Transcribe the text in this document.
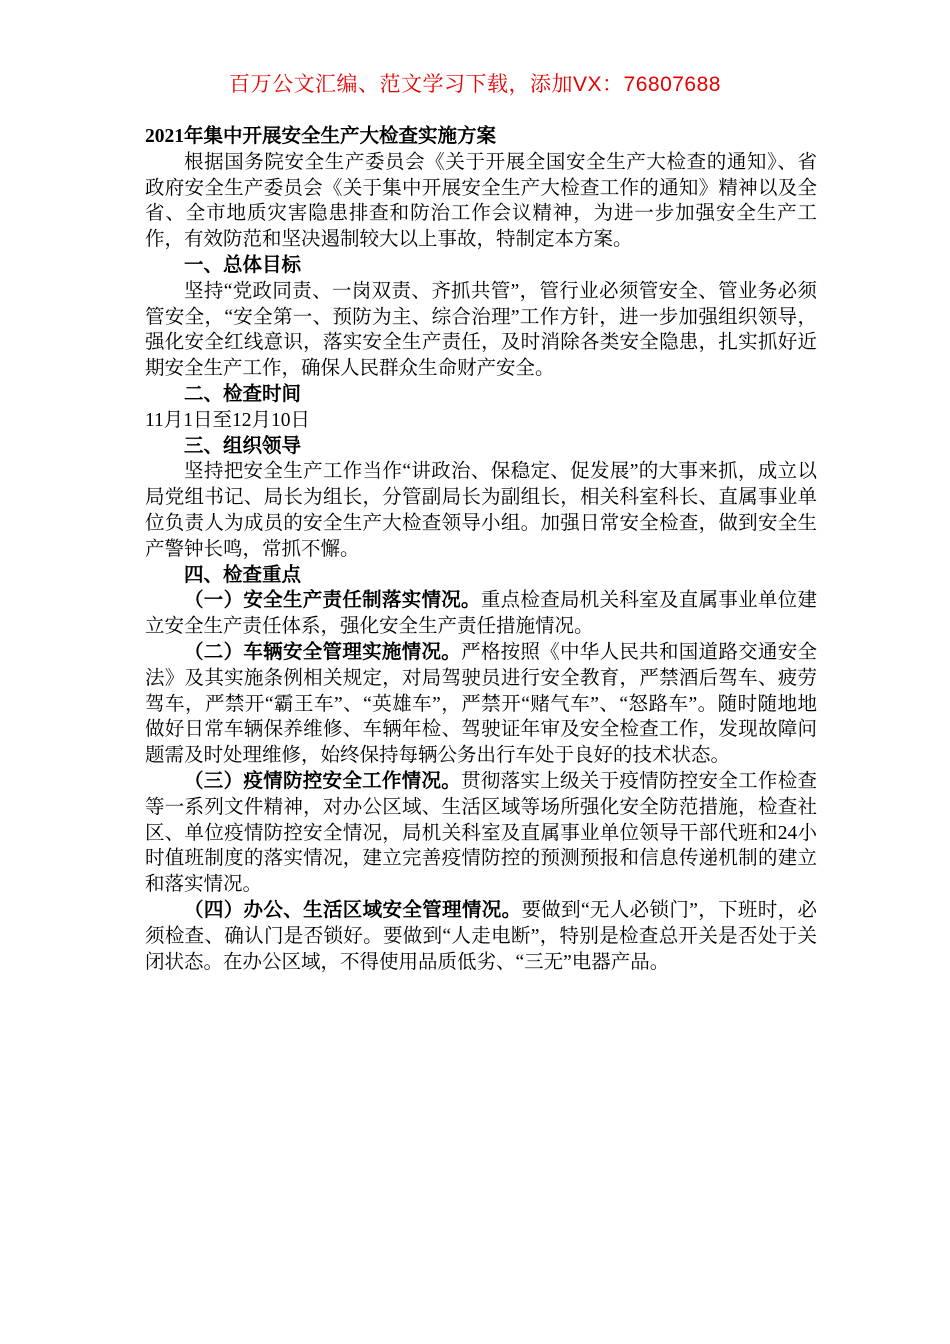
百万公文汇编、范文学习下载，添加VX：76807688

2021年集中开展安全生产大检查实施方案

根据国务院安全生产委员会《关于开展全国安全生产大检查的通知》、省政府安全生产委员会《关于集中开展安全生产大检查工作的通知》精神以及全省、全市地质灾害隐患排查和防治工作会议精神，为进一步加强安全生产工作，有效防范和坚决遏制较大以上事故，特制定本方案。

一、总体目标

坚持“党政同责、一岗双责、齐抓共管”，管行业必须管安全、管业务必须管安全，“安全第一、预防为主、综合治理”工作方针，进一步加强组织领导，强化安全红线意识，落实安全生产责任，及时消除各类安全隐患，扎实抓好近期安全生产工作，确保人民群众生命财产安全。

二、检查时间

11月1日至12月10日

三、组织领导

坚持把安全生产工作当作“讲政治、保稳定、促发展”的大事来抓，成立以局党组书记、局长为组长，分管副局长为副组长，相关科室科长、直属事业单位负责人为成员的安全生产大检查领导小组。加强日常安全检查，做到安全生产警钟长鸣，常抓不懈。

四、检查重点

（一）安全生产责任制落实情况。重点检查局机关科室及直属事业单位建立安全生产责任体系，强化安全生产责任措施情况。

（二）车辆安全管理实施情况。严格按照《中华人民共和国道路交通安全法》及其实施条例相关规定，对局驾驶员进行安全教育，严禁酒后驾车、疲劳驾车，严禁开“霸王车”、“英雄车”，严禁开“赌气车”、“怒路车”。随时随地地做好日常车辆保养维修、车辆年检、驾驶证年审及安全检查工作，发现故障问题需及时处理维修，始终保持每辆公务出行车处于良好的技术状态。

（三）疫情防控安全工作情况。贯彻落实上级关于疫情防控安全工作检查等一系列文件精神，对办公区域、生活区域等场所强化安全防范措施，检查社区、单位疫情防控安全情况，局机关科室及直属事业单位领导干部代班和24小时值班制度的落实情况，建立完善疫情防控的预测预报和信息传递机制的建立和落实情况。

（四）办公、生活区域安全管理情况。要做到“无人必锁门”，下班时，必须检查、确认门是否锁好。要做到“人走电断”，特别是检查总开关是否处于关闭状态。在办公区域，不得使用品质低劣、“三无”电器产品。
